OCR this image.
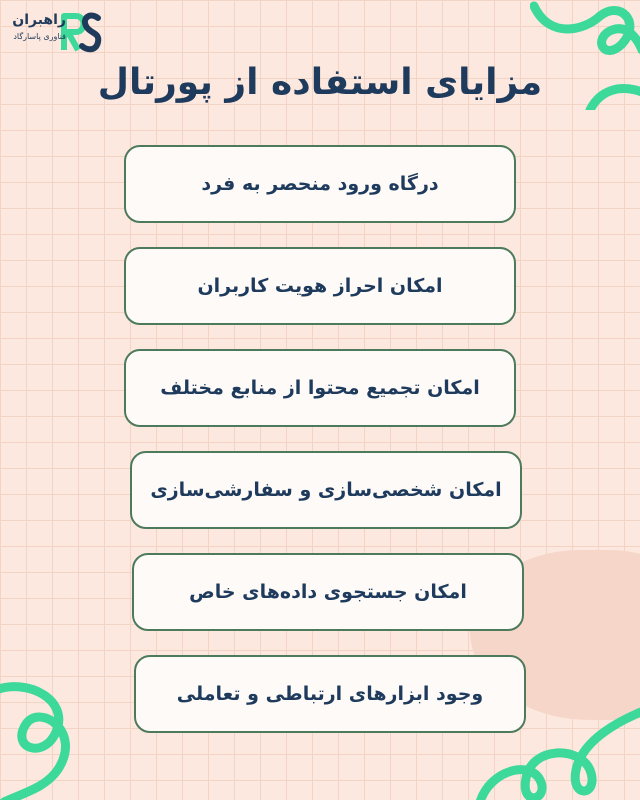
راهبران
فناوری پاسارگاد
مزایای استفاده از پورتال
درگاه ورود منحصر به فرد
امکان احراز هویت کاربران
امکان تجمیع محتوا از منابع مختلف
امکان شخصی‌سازی و سفارشی‌سازی
امکان جستجوی داده‌های خاص
وجود ابزارهای ارتباطی و تعاملی
